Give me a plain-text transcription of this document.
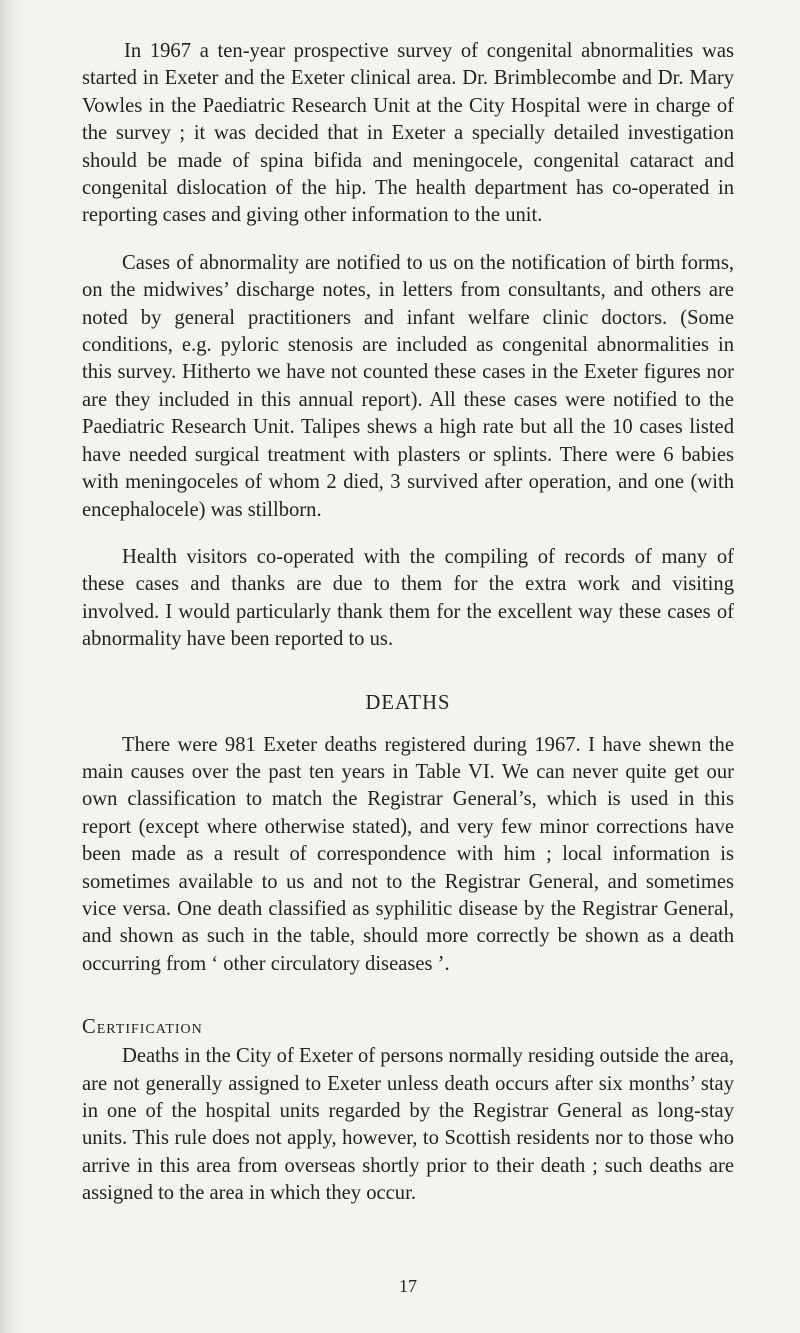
In 1967 a ten-year prospective survey of congenital abnormalities was started in Exeter and the Exeter clinical area. Dr. Brimblecombe and Dr. Mary Vowles in the Paediatric Research Unit at the City Hospital were in charge of the survey ; it was decided that in Exeter a specially detailed investigation should be made of spina bifida and meningocele, congenital cataract and congenital dislocation of the hip. The health department has co-operated in reporting cases and giving other information to the unit.

Cases of abnormality are notified to us on the notification of birth forms, on the midwives’ discharge notes, in letters from consultants, and others are noted by general practitioners and infant welfare clinic doctors. (Some conditions, e.g. pyloric stenosis are included as congenital abnormalities in this survey. Hitherto we have not counted these cases in the Exeter figures nor are they included in this annual report). All these cases were notified to the Paediatric Research Unit. Talipes shews a high rate but all the 10 cases listed have needed surgical treatment with plasters or splints. There were 6 babies with meningoceles of whom 2 died, 3 survived after operation, and one (with encephalocele) was stillborn.

Health visitors co-operated with the compiling of records of many of these cases and thanks are due to them for the extra work and visiting involved. I would particularly thank them for the excellent way these cases of abnormality have been reported to us.

DEATHS

There were 981 Exeter deaths registered during 1967. I have shewn the main causes over the past ten years in Table VI. We can never quite get our own classification to match the Registrar General’s, which is used in this report (except where otherwise stated), and very few minor corrections have been made as a result of correspondence with him ; local information is sometimes available to us and not to the Registrar General, and sometimes vice versa. One death classified as syphilitic disease by the Registrar General, and shown as such in the table, should more correctly be shown as a death occurring from ‘ other circulatory diseases ’.

Certification

Deaths in the City of Exeter of persons normally residing outside the area, are not generally assigned to Exeter unless death occurs after six months’ stay in one of the hospital units regarded by the Registrar General as long-stay units. This rule does not apply, however, to Scottish residents nor to those who arrive in this area from overseas shortly prior to their death ; such deaths are assigned to the area in which they occur.

17
